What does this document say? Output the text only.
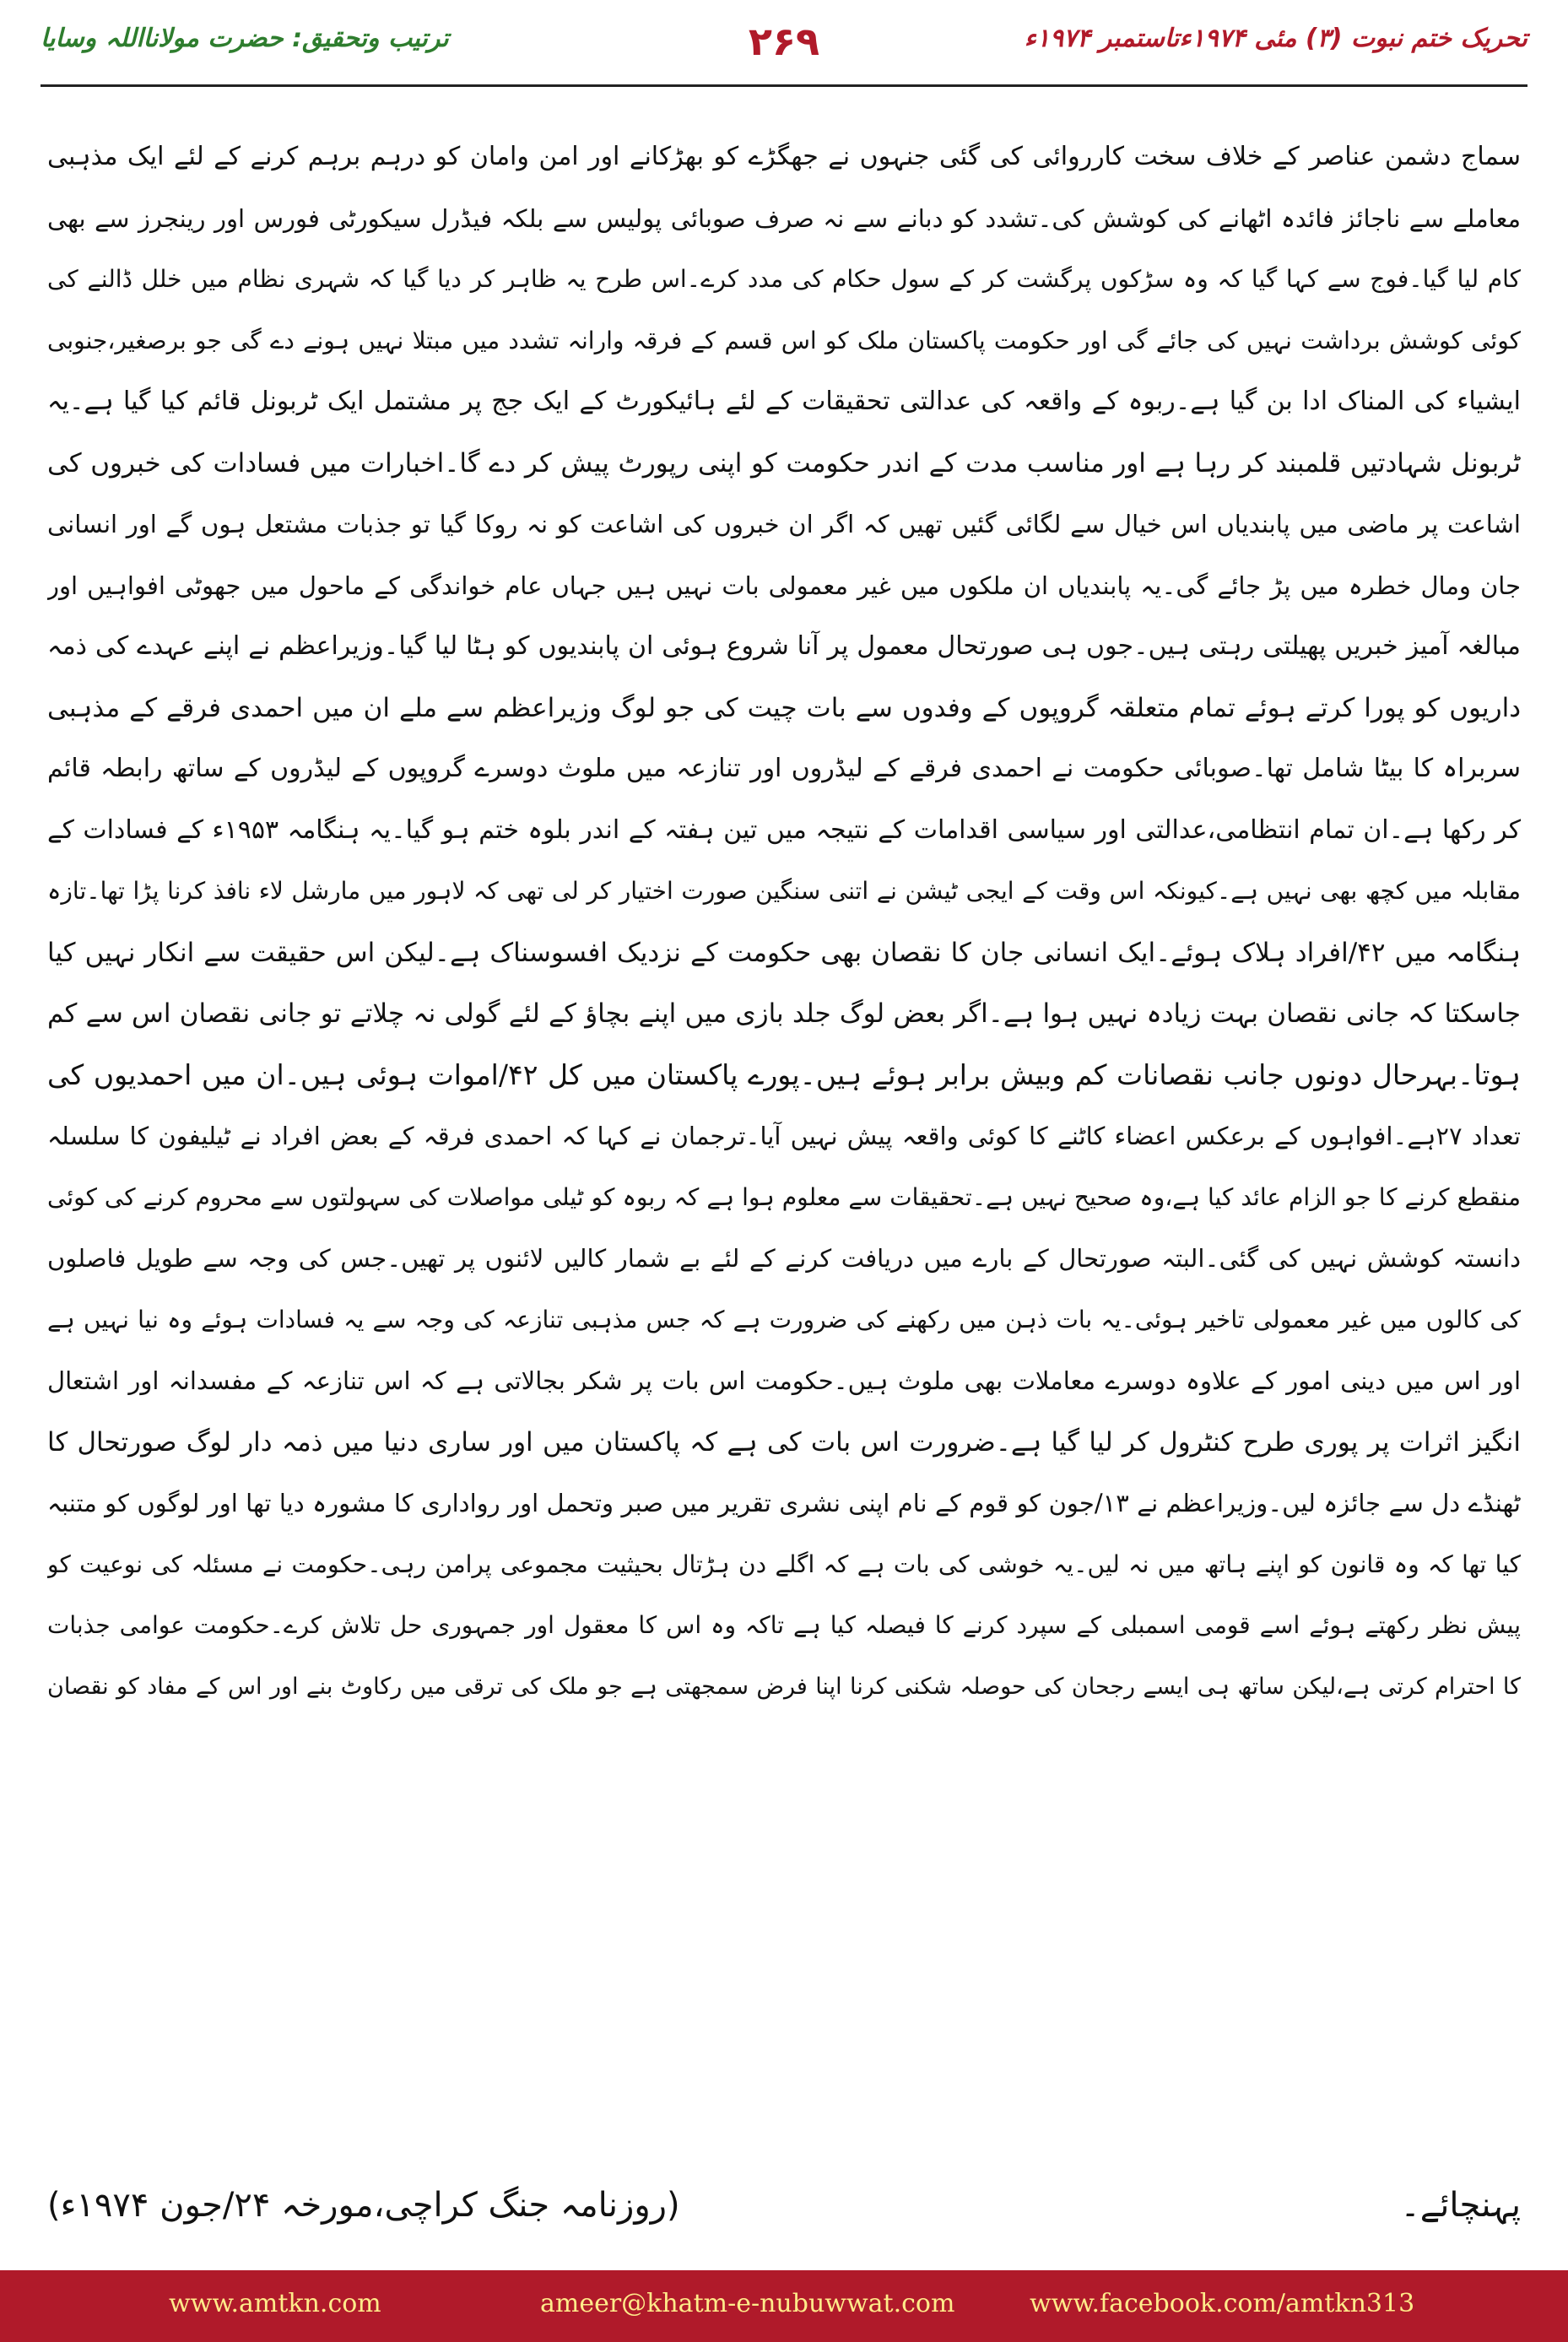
تحریک ختم نبوت (۳) مئی ۱۹۷۴ءتاستمبر ۱۹۷۴ء
۲۶۹
ترتیب وتحقیق: حضرت مولانااللہ وسایا
سماج دشمن عناصر کے خلاف سخت کارروائی کی گئی جنہوں نے جھگڑے کو بھڑکانے اور امن وامان کو درہم برہم کرنے کے لئے ایک مذہبی
معاملے سے ناجائز فائدہ اٹھانے کی کوشش کی۔تشدد کو دبانے سے نہ صرف صوبائی پولیس سے بلکہ فیڈرل سیکورٹی فورس اور رینجرز سے بھی
کام لیا گیا۔فوج سے کہا گیا کہ وہ سڑکوں پرگشت کر کے سول حکام کی مدد کرے۔اس طرح یہ ظاہر کر دیا گیا کہ شہری نظام میں خلل ڈالنے کی
کوئی کوشش برداشت نہیں کی جائے گی اور حکومت پاکستان ملک کو اس قسم کے فرقہ وارانہ تشدد میں مبتلا نہیں ہونے دے گی جو برصغیر،جنوبی
ایشیاء کی المناک ادا بن گیا ہے۔ربوہ کے واقعہ کی عدالتی تحقیقات کے لئے ہائیکورٹ کے ایک جج پر مشتمل ایک ٹربونل قائم کیا گیا ہے۔یہ
ٹربونل شہادتیں قلمبند کر رہا ہے اور مناسب مدت کے اندر حکومت کو اپنی رپورٹ پیش کر دے گا۔اخبارات میں فسادات کی خبروں کی
اشاعت پر ماضی میں پابندیاں اس خیال سے لگائی گئیں تھیں کہ اگر ان خبروں کی اشاعت کو نہ روکا گیا تو جذبات مشتعل ہوں گے اور انسانی
جان ومال خطرہ میں پڑ جائے گی۔یہ پابندیاں ان ملکوں میں غیر معمولی بات نہیں ہیں جہاں عام خواندگی کے ماحول میں جھوٹی افواہیں اور
مبالغہ آمیز خبریں پھیلتی رہتی ہیں۔جوں ہی صورتحال معمول پر آنا شروع ہوئی ان پابندیوں کو ہٹا لیا گیا۔وزیراعظم نے اپنے عہدے کی ذمہ
داریوں کو پورا کرتے ہوئے تمام متعلقہ گروپوں کے وفدوں سے بات چیت کی جو لوگ وزیراعظم سے ملے ان میں احمدی فرقے کے مذہبی
سربراہ کا بیٹا شامل تھا۔صوبائی حکومت نے احمدی فرقے کے لیڈروں اور تنازعہ میں ملوث دوسرے گروپوں کے لیڈروں کے ساتھ رابطہ قائم
کر رکھا ہے۔ان تمام انتظامی،عدالتی اور سیاسی اقدامات کے نتیجہ میں تین ہفتہ کے اندر بلوہ ختم ہو گیا۔یہ ہنگامہ ۱۹۵۳ء کے فسادات کے
مقابلہ میں کچھ بھی نہیں ہے۔کیونکہ اس وقت کے ایجی ٹیشن نے اتنی سنگین صورت اختیار کر لی تھی کہ لاہور میں مارشل لاء نافذ کرنا پڑا تھا۔تازہ
ہنگامہ میں ۴۲/افراد ہلاک ہوئے۔ایک انسانی جان کا نقصان بھی حکومت کے نزدیک افسوسناک ہے۔لیکن اس حقیقت سے انکار نہیں کیا
جاسکتا کہ جانی نقصان بہت زیادہ نہیں ہوا ہے۔اگر بعض لوگ جلد بازی میں اپنے بچاؤ کے لئے گولی نہ چلاتے تو جانی نقصان اس سے کم
ہوتا۔بہرحال دونوں جانب نقصانات کم وبیش برابر ہوئے ہیں۔پورے پاکستان میں کل ۴۲/اموات ہوئی ہیں۔ان میں احمدیوں کی
تعداد ۲۷ہے۔افواہوں کے برعکس اعضاء کاٹنے کا کوئی واقعہ پیش نہیں آیا۔ترجمان نے کہا کہ احمدی فرقہ کے بعض افراد نے ٹیلیفون کا سلسلہ
منقطع کرنے کا جو الزام عائد کیا ہے،وہ صحیح نہیں ہے۔تحقیقات سے معلوم ہوا ہے کہ ربوہ کو ٹیلی مواصلات کی سہولتوں سے محروم کرنے کی کوئی
دانستہ کوشش نہیں کی گئی۔البتہ صورتحال کے بارے میں دریافت کرنے کے لئے بے شمار کالیں لائنوں پر تھیں۔جس کی وجہ سے طویل فاصلوں
کی کالوں میں غیر معمولی تاخیر ہوئی۔یہ بات ذہن میں رکھنے کی ضرورت ہے کہ جس مذہبی تنازعہ کی وجہ سے یہ فسادات ہوئے وہ نیا نہیں ہے
اور اس میں دینی امور کے علاوہ دوسرے معاملات بھی ملوث ہیں۔حکومت اس بات پر شکر بجالاتی ہے کہ اس تنازعہ کے مفسدانہ اور اشتعال
انگیز اثرات پر پوری طرح کنٹرول کر لیا گیا ہے۔ضرورت اس بات کی ہے کہ پاکستان میں اور ساری دنیا میں ذمہ دار لوگ صورتحال کا
ٹھنڈے دل سے جائزہ لیں۔وزیراعظم نے ۱۳/جون کو قوم کے نام اپنی نشری تقریر میں صبر وتحمل اور رواداری کا مشورہ دیا تھا اور لوگوں کو متنبہ
کیا تھا کہ وہ قانون کو اپنے ہاتھ میں نہ لیں۔یہ خوشی کی بات ہے کہ اگلے دن ہڑتال بحیثیت مجموعی پرامن رہی۔حکومت نے مسئلہ کی نوعیت کو
پیش نظر رکھتے ہوئے اسے قومی اسمبلی کے سپرد کرنے کا فیصلہ کیا ہے تاکہ وہ اس کا معقول اور جمہوری حل تلاش کرے۔حکومت عوامی جذبات
کا احترام کرتی ہے،لیکن ساتھ ہی ایسے رجحان کی حوصلہ شکنی کرنا اپنا فرض سمجھتی ہے جو ملک کی ترقی میں رکاوٹ بنے اور اس کے مفاد کو نقصان
پہنچائے۔
(روزنامہ جنگ کراچی،مورخہ ۲۴/جون ۱۹۷۴ء)
www.amtkn.com	ameer@khatm-e-nubuwwat.com	www.facebook.com/amtkn313
